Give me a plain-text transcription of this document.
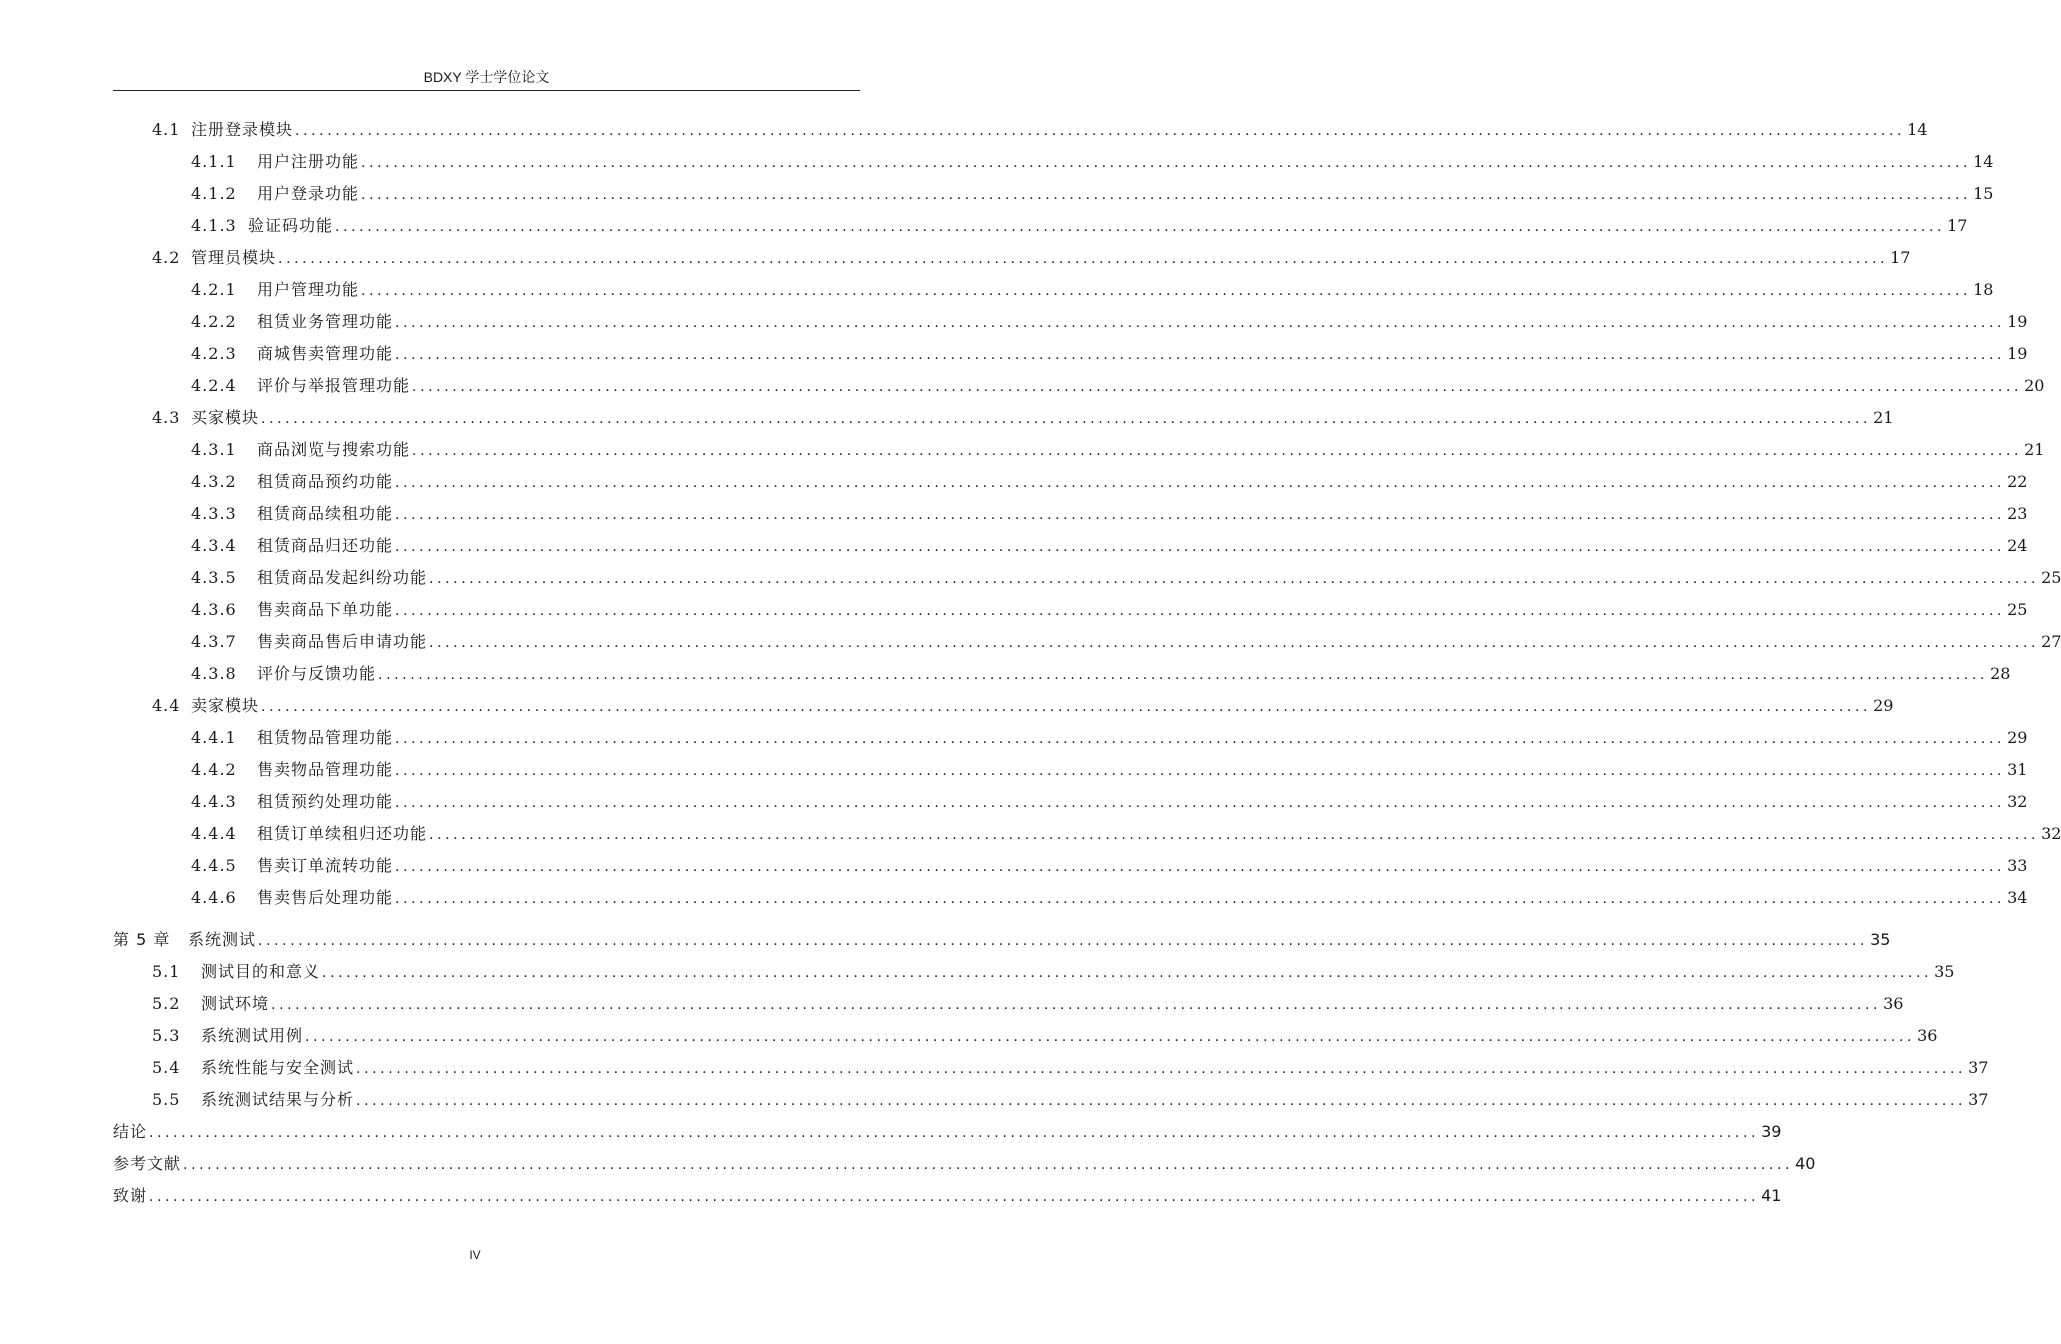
BDXY 学士学位论文
4.1 注册登录模块 ........................................................................................................................................................................................................ 14
4.1.1	用户注册功能 ........................................................................................................................................................................................................ 14
4.1.2	用户登录功能 ........................................................................................................................................................................................................ 15
4.1.3 验证码功能 ........................................................................................................................................................................................................ 17
4.2 管理员模块 ........................................................................................................................................................................................................ 17
4.2.1	用户管理功能 ........................................................................................................................................................................................................ 18
4.2.2	租赁业务管理功能 ........................................................................................................................................................................................................ 19
4.2.3	商城售卖管理功能 ........................................................................................................................................................................................................ 19
4.2.4	评价与举报管理功能 ........................................................................................................................................................................................................ 20
4.3 买家模块 ........................................................................................................................................................................................................ 21
4.3.1	商品浏览与搜索功能 ........................................................................................................................................................................................................ 21
4.3.2	租赁商品预约功能 ........................................................................................................................................................................................................ 22
4.3.3	租赁商品续租功能 ........................................................................................................................................................................................................ 23
4.3.4	租赁商品归还功能 ........................................................................................................................................................................................................ 24
4.3.5	租赁商品发起纠纷功能 ........................................................................................................................................................................................................ 25
4.3.6	售卖商品下单功能 ........................................................................................................................................................................................................ 25
4.3.7	售卖商品售后申请功能 ........................................................................................................................................................................................................ 27
4.3.8	评价与反馈功能 ........................................................................................................................................................................................................ 28
4.4 卖家模块 ........................................................................................................................................................................................................ 29
4.4.1	租赁物品管理功能 ........................................................................................................................................................................................................ 29
4.4.2	售卖物品管理功能 ........................................................................................................................................................................................................ 31
4.4.3	租赁预约处理功能 ........................................................................................................................................................................................................ 32
4.4.4	租赁订单续租归还功能 ........................................................................................................................................................................................................ 32
4.4.5	售卖订单流转功能 ........................................................................................................................................................................................................ 33
4.4.6	售卖售后处理功能 ........................................................................................................................................................................................................ 34
第 5 章	系统测试 ........................................................................................................................................................................................................ 35
5.1	测试目的和意义 ........................................................................................................................................................................................................ 35
5.2	测试环境 ........................................................................................................................................................................................................ 36
5.3	系统测试用例 ........................................................................................................................................................................................................ 36
5.4	系统性能与安全测试 ........................................................................................................................................................................................................ 37
5.5	系统测试结果与分析 ........................................................................................................................................................................................................ 37
结论 ........................................................................................................................................................................................................ 39
参考文献 ........................................................................................................................................................................................................ 40
致谢 ........................................................................................................................................................................................................ 41
IV
